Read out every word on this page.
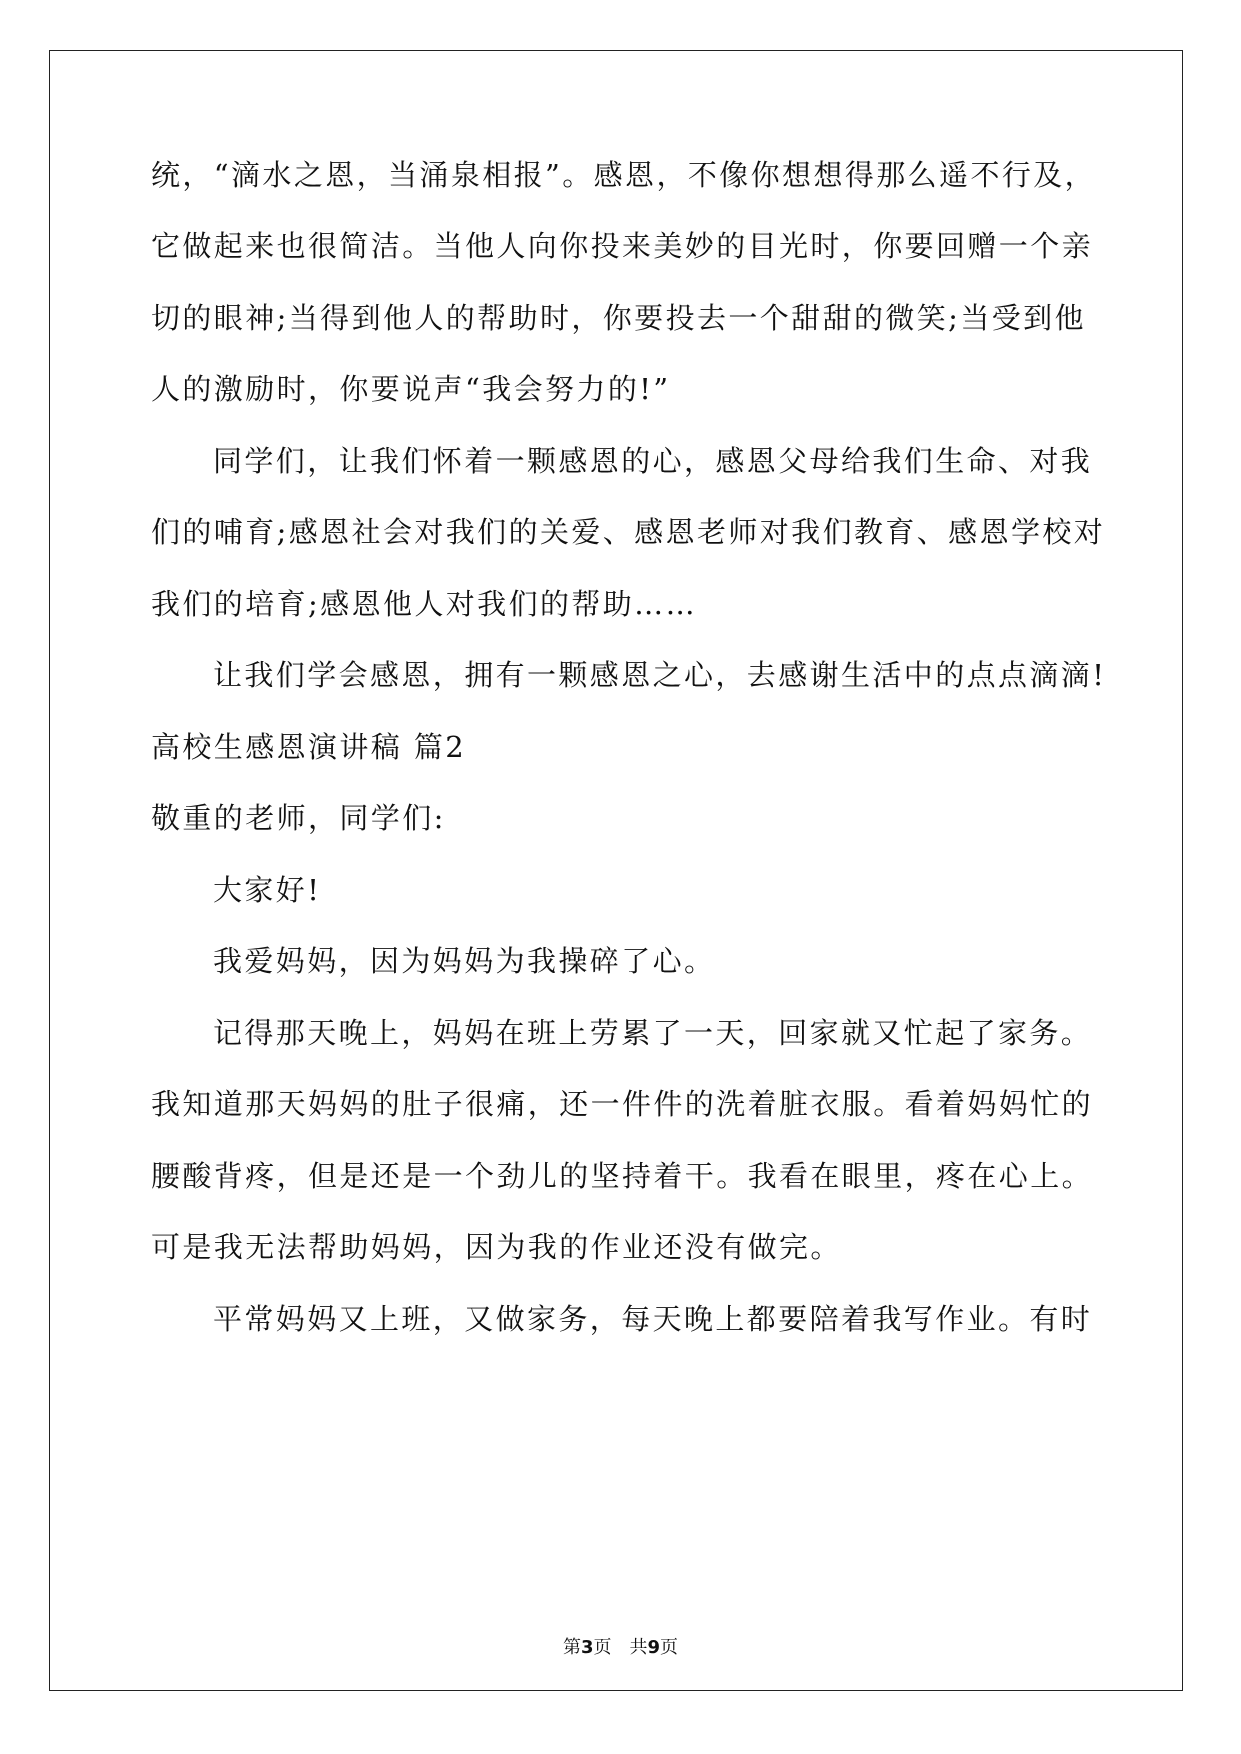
统，“滴水之恩，当涌泉相报”。感恩，不像你想想得那么遥不行及，

它做起来也很简洁。当他人向你投来美妙的目光时，你要回赠一个亲

切的眼神;当得到他人的帮助时，你要投去一个甜甜的微笑;当受到他

人的激励时，你要说声“我会努力的!”

同学们，让我们怀着一颗感恩的心，感恩父母给我们生命、对我

们的哺育;感恩社会对我们的关爱、感恩老师对我们教育、感恩学校对

我们的培育;感恩他人对我们的帮助……

让我们学会感恩，拥有一颗感恩之心，去感谢生活中的点点滴滴!

高校生感恩演讲稿 篇2

敬重的老师，同学们:

大家好!

我爱妈妈，因为妈妈为我操碎了心。

记得那天晚上，妈妈在班上劳累了一天，回家就又忙起了家务。

我知道那天妈妈的肚子很痛，还一件件的洗着脏衣服。看着妈妈忙的

腰酸背疼，但是还是一个劲儿的坚持着干。我看在眼里，疼在心上。

可是我无法帮助妈妈，因为我的作业还没有做完。

平常妈妈又上班，又做家务，每天晚上都要陪着我写作业。有时

第3页 共9页
